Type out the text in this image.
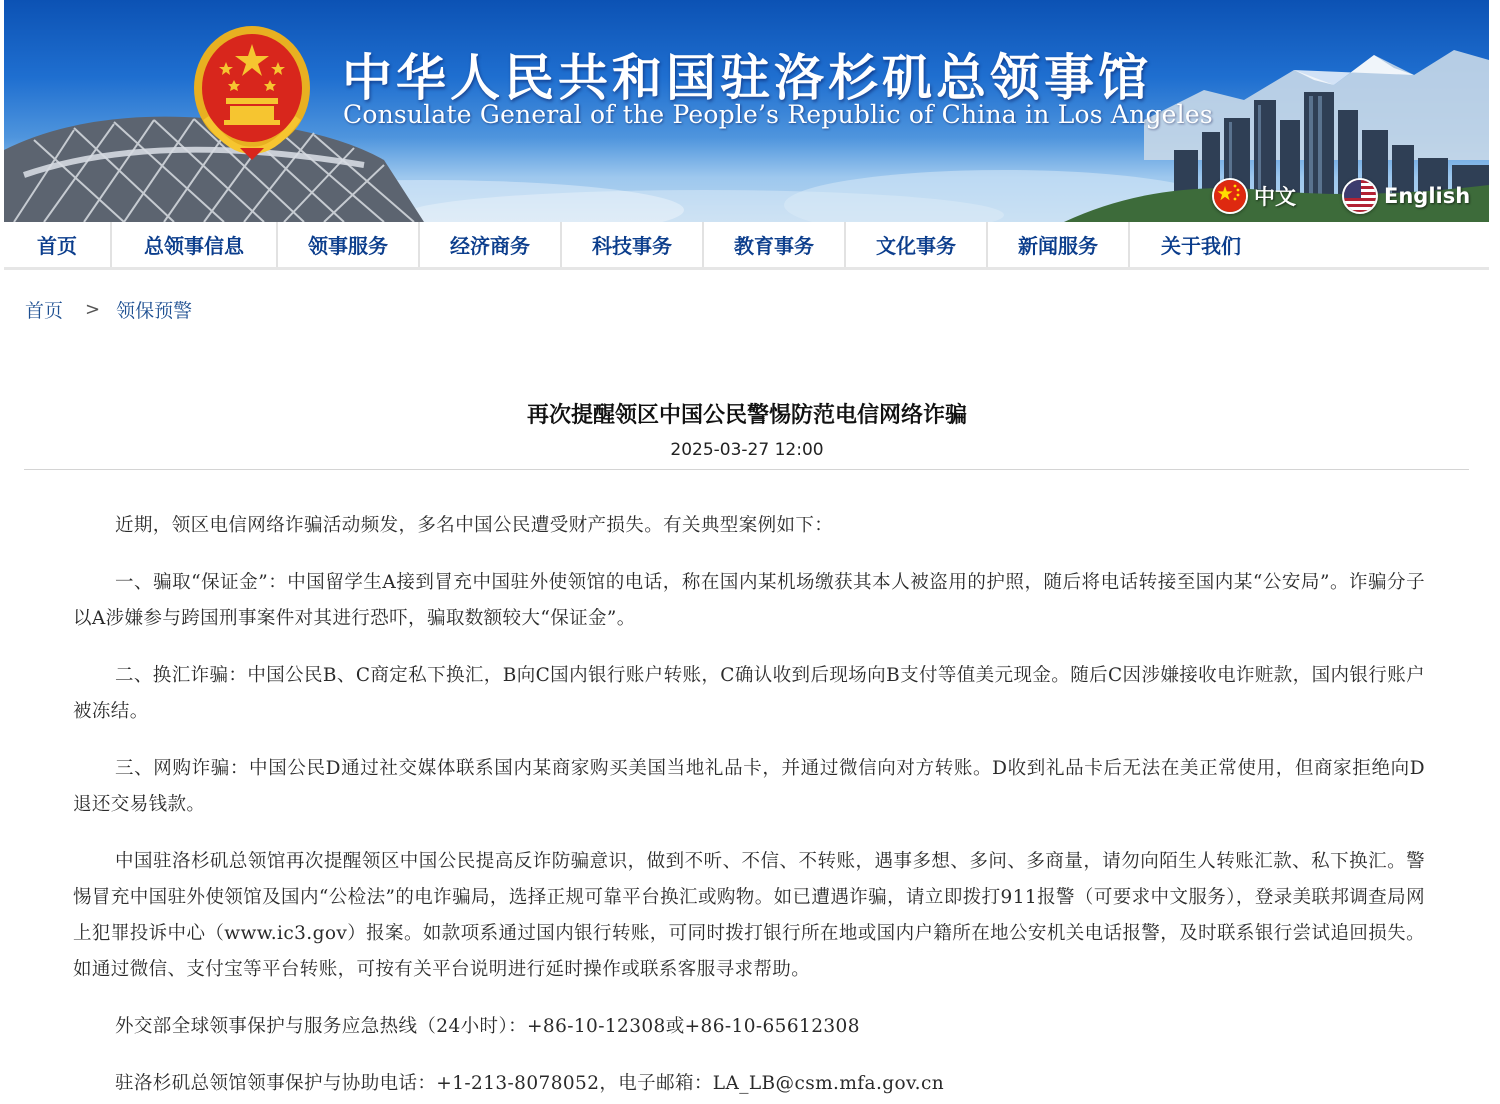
中华人民共和国驻洛杉矶总领事馆
Consulate General of the People’s Republic of China in Los Angeles
中文	English
首页	总领事信息	领事服务	经济商务	科技事务	教育事务	文化事务	新闻服务	关于我们
首页 > 领保预警
再次提醒领区中国公民警惕防范电信网络诈骗
2025-03-27 12:00

近期，领区电信网络诈骗活动频发，多名中国公民遭受财产损失。有关典型案例如下：

一、骗取“保证金”：中国留学生A接到冒充中国驻外使领馆的电话，称在国内某机场缴获其本人被盗用的护照，随后将电话转接至国内某“公安局”。诈骗分子以A涉嫌参与跨国刑事案件对其进行恐吓，骗取数额较大“保证金”。

二、换汇诈骗：中国公民B、C商定私下换汇，B向C国内银行账户转账，C确认收到后现场向B支付等值美元现金。随后C因涉嫌接收电诈赃款，国内银行账户被冻结。

三、网购诈骗：中国公民D通过社交媒体联系国内某商家购买美国当地礼品卡，并通过微信向对方转账。D收到礼品卡后无法在美正常使用，但商家拒绝向D退还交易钱款。

中国驻洛杉矶总领馆再次提醒领区中国公民提高反诈防骗意识，做到不听、不信、不转账，遇事多想、多问、多商量，请勿向陌生人转账汇款、私下换汇。警惕冒充中国驻外使领馆及国内“公检法”的电诈骗局，选择正规可靠平台换汇或购物。如已遭遇诈骗，请立即拨打911报警（可要求中文服务），登录美联邦调查局网上犯罪投诉中心（www.ic3.gov）报案。如款项系通过国内银行转账，可同时拨打银行所在地或国内户籍所在地公安机关电话报警，及时联系银行尝试追回损失。如通过微信、支付宝等平台转账，可按有关平台说明进行延时操作或联系客服寻求帮助。

外交部全球领事保护与服务应急热线（24小时）：+86-10-12308或+86-10-65612308

驻洛杉矶总领馆领事保护与协助电话：+1-213-8078052，电子邮箱：LA_LB@csm.mfa.gov.cn
